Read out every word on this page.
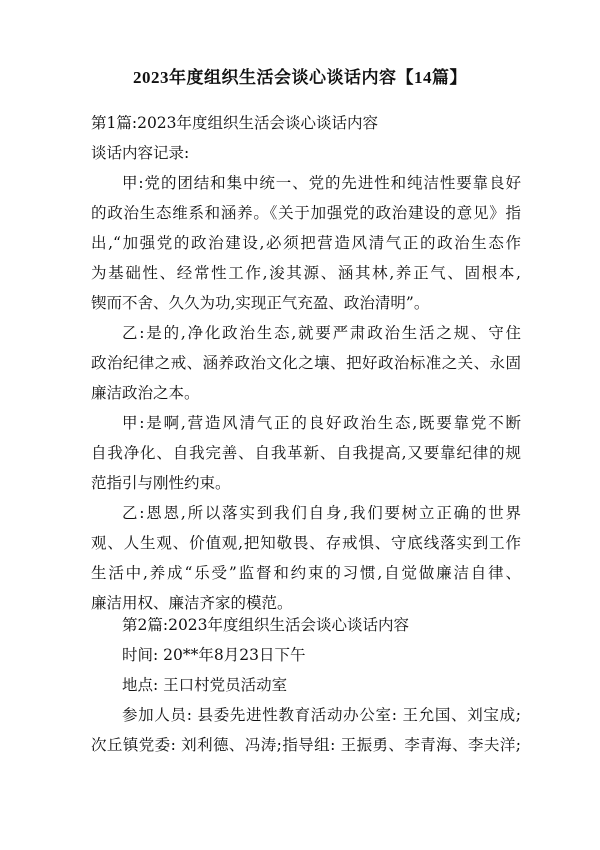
2023年度组织生活会谈心谈话内容【14篇】
第1篇:2023年度组织生活会谈心谈话内容
谈话内容记录:
甲:党的团结和集中统一、党的先进性和纯洁性要靠良好
的政治生态维系和涵养。《关于加强党的政治建设的意见》指
出,“加强党的政治建设,必须把营造风清气正的政治生态作
为基础性、经常性工作,浚其源、涵其林,养正气、固根本,
锲而不舍、久久为功,实现正气充盈、政治清明”。
乙:是的,净化政治生态,就要严肃政治生活之规、守住
政治纪律之戒、涵养政治文化之壤、把好政治标准之关、永固
廉洁政治之本。
甲:是啊,营造风清气正的良好政治生态,既要靠党不断
自我净化、自我完善、自我革新、自我提高,又要靠纪律的规
范指引与刚性约束。
乙:恩恩,所以落实到我们自身,我们要树立正确的世界
观、人生观、价值观,把知敬畏、存戒惧、守底线落实到工作
生活中,养成“乐受”监督和约束的习惯,自觉做廉洁自律、
廉洁用权、廉洁齐家的模范。
第2篇:2023年度组织生活会谈心谈话内容
时间: 20**年8月23日下午
地点: 王口村党员活动室
参加人员: 县委先进性教育活动办公室: 王允国、刘宝成;
次丘镇党委: 刘利德、冯涛;指导组: 王振勇、李青海、李夫洋;
